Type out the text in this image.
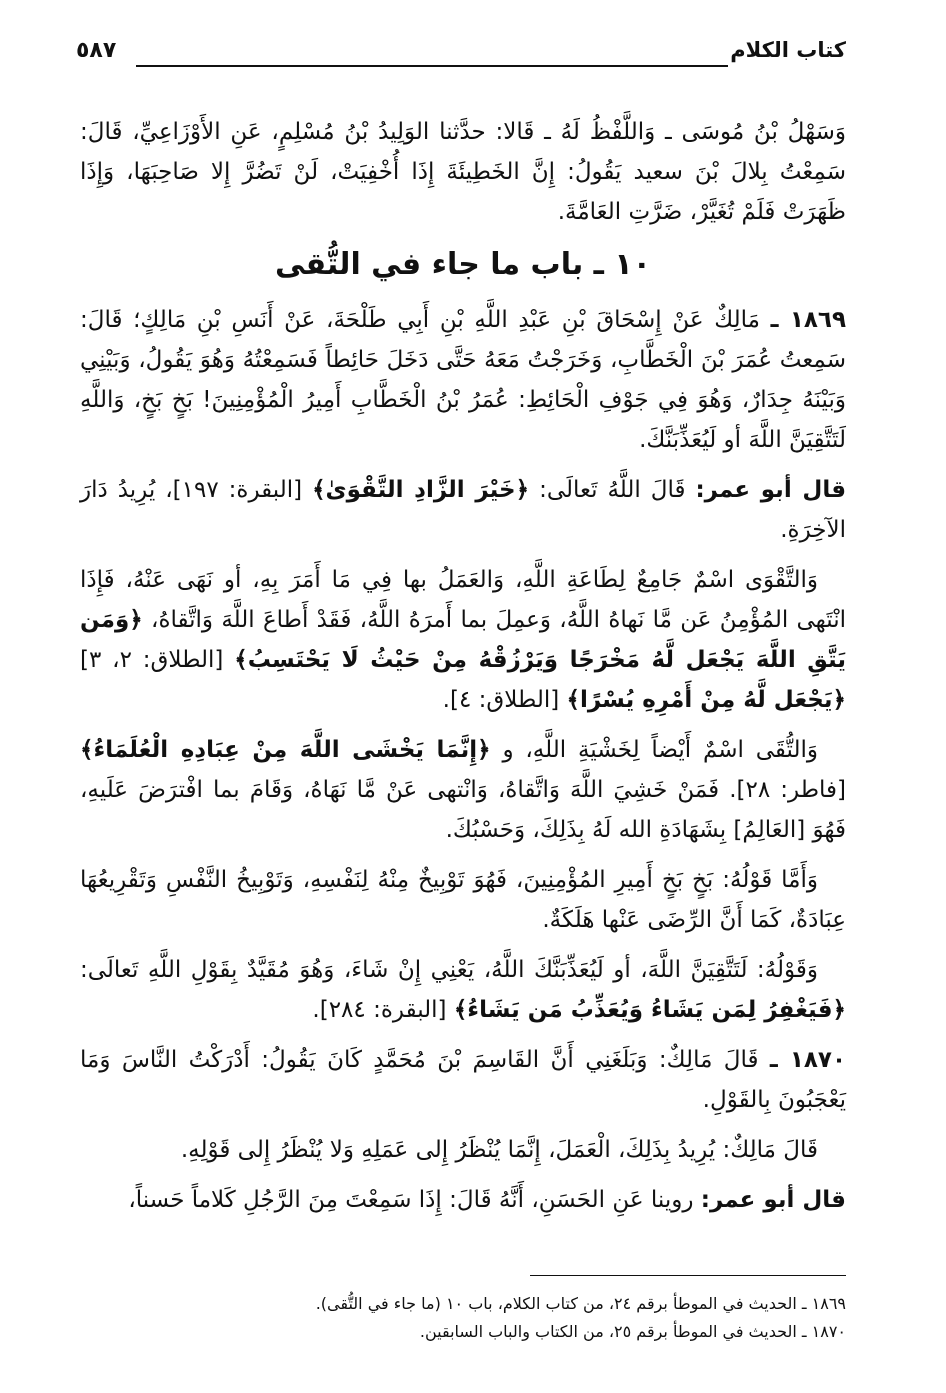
كتاب الكلام
٥٨٧

وَسَهْلُ بْنُ مُوسَى ـ وَاللَّفْظُ لَهُ ـ قَالا: حدَّثنا الوَلِيدُ بْنُ مُسْلِمٍ، عَنِ الأَوْزَاعِيِّ، قَالَ: سَمِعْتُ بِلالَ بْنَ سعيد يَقُولُ: إِنَّ الخَطِيئَةَ إِذَا أُخْفِيَتْ، لَنْ تَضُرَّ إِلا صَاحِبَهَا، وَإِذَا ظَهَرَتْ فَلَمْ تُغَيَّرْ، ضَرَّتِ العَامَّةَ.

١٠ ـ باب ما جاء في التُّقى

١٨٦٩ ـ مَالِكٌ عَنْ إِسْحَاقَ بْنِ عَبْدِ اللَّهِ بْنِ أَبِي طَلْحَةَ، عَنْ أَنَسِ بْنِ مَالِكٍ؛ قَالَ: سَمِعتُ عُمَرَ بْنَ الْخَطَّابِ، وَخَرَجْتُ مَعَهُ حَتَّى دَخَلَ حَائِطاً فَسَمِعْتُهُ وَهُوَ يَقُولُ، وَبَيْنِي وَبَيْنَهُ جِدَارٌ، وَهُوَ فِي جَوْفِ الْحَائِطِ: عُمَرُ بْنُ الْخَطَّابِ أَمِيرُ الْمُؤْمِنِينَ! بَخٍ بَخٍ، وَاللَّهِ لَتَتَّقِيَنَّ اللَّهَ أو لَيُعَذِّبَنَّكَ.

قال أبو عمر: قَالَ اللَّهُ تَعالَى: ﴿خَيْرَ الزَّادِ التَّقْوَىٰ﴾ [البقرة: ١٩٧]، يُرِيدُ دَارَ الآخِرَةِ.

وَالتَّقْوَى اسْمٌ جَامِعٌ لِطَاعَةِ اللَّهِ، وَالعَمَلُ بها فِي مَا أَمَرَ بِهِ، أو نَهَى عَنْهُ، فَإِذَا انْتَهى المُؤْمِنُ عَن مَّا نَهاهُ اللَّهُ، وَعمِلَ بما أَمرَهُ اللَّهُ، فَقَدْ أَطاعَ اللَّهَ وَاتَّقاهُ، ﴿وَمَن يَتَّقِ اللَّهَ يَجْعَل لَّهُ مَخْرَجًا وَيَرْزُقْهُ مِنْ حَيْثُ لَا يَحْتَسِبُ﴾ [الطلاق: ٢، ٣] ﴿يَجْعَل لَّهُ مِنْ أَمْرِهِ يُسْرًا﴾ [الطلاق: ٤].

وَالتُّقَى اسْمٌ أَيْضاً لِخَشْيَةِ اللَّهِ، و ﴿إِنَّمَا يَخْشَى اللَّهَ مِنْ عِبَادِهِ الْعُلَمَاءُ﴾ [فاطر: ٢٨]. فَمَنْ خَشِيَ اللَّهَ وَاتَّقاهُ، وَانْتهى عَنْ مَّا نَهَاهُ، وَقَامَ بما افْترَضَ عَلَيهِ، فَهُوَ [العَالِمُ] بِشَهَادَةِ الله لَهُ بِذَلِكَ، وَحَسْبُكَ.

وَأَمَّا قَوْلُهُ: بَخٍ بَخٍ أَمِيرِ المُؤْمِنِينَ، فَهُوَ تَوْبِيخٌ مِنْهُ لِنَفْسِهِ، وَتَوْبِيخُ النَّفْسِ وَتَقْرِيعُهَا عِبَادَةٌ، كَمَا أَنَّ الرِّضَى عَنْها هَلَكَةٌ.

وَقَوْلُهُ: لَتَتَّقِيَنَّ اللَّهَ، أو لَيُعَذِّبَنَّكَ اللَّهُ، يَعْنِي إِنْ شَاءَ، وَهُوَ مُقَيَّدٌ بِقَوْلِ اللَّهِ تَعالَى: ﴿فَيَغْفِرُ لِمَن يَشَاءُ وَيُعَذِّبُ مَن يَشَاءُ﴾ [البقرة: ٢٨٤].

١٨٧٠ ـ قَالَ مَالِكٌ: وَبَلَغَنِي أَنَّ القَاسِمَ بْنَ مُحَمَّدٍ كَانَ يَقُولُ: أَدْرَكْتُ النَّاسَ وَمَا يَعْجَبُونَ بِالقَوْلِ.

قَالَ مَالِكٌ: يُرِيدُ بِذَلِكَ، الْعَمَلَ، إِنَّمَا يُنْظَرُ إِلى عَمَلِهِ وَلا يُنْظَرُ إِلى قَوْلِهِ.

قال أبو عمر: روينا عَنِ الحَسَنِ، أَنَّهُ قَالَ: إِذَا سَمِعْتَ مِنَ الرَّجُلِ كَلاماً حَسناً،

١٨٦٩ ـ الحديث في الموطأ برقم ٢٤، من كتاب الكلام، باب ١٠ (ما جاء في التُّقى).

١٨٧٠ ـ الحديث في الموطأ برقم ٢٥، من الكتاب والباب السابقين.
